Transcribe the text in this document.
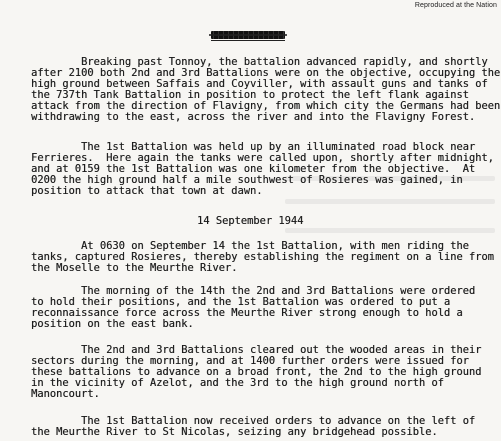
Reproduced at the Nation
Breaking past Tonnoy, the battalion advanced rapidly, and shortly
after 2100 both 2nd and 3rd Battalions were on the objective, occupying the
high ground between Saffais and Coyviller, with assault guns and tanks of
the 737th Tank Battalion in position to protect the left flank against
attack from the direction of Flavigny, from which city the Germans had been
withdrawing to the east, across the river and into the Flavigny Forest.
The 1st Battalion was held up by an illuminated road block near
Ferrieres.  Here again the tanks were called upon, shortly after midnight,
and at 0159 the 1st Battalion was one kilometer from the objective.  At
0200 the high ground half a mile southwest of Rosieres was gained, in
position to attack that town at dawn.
14 September 1944
At 0630 on September 14 the 1st Battalion, with men riding the
tanks, captured Rosieres, thereby establishing the regiment on a line from
the Moselle to the Meurthe River.
The morning of the 14th the 2nd and 3rd Battalions were ordered
to hold their positions, and the 1st Battalion was ordered to put a
reconnaissance force across the Meurthe River strong enough to hold a
position on the east bank.
The 2nd and 3rd Battalions cleared out the wooded areas in their
sectors during the morning, and at 1400 further orders were issued for
these battalions to advance on a broad front, the 2nd to the high ground
in the vicinity of Azelot, and the 3rd to the high ground north of
Manoncourt.
The 1st Battalion now received orders to advance on the left of
the Meurthe River to St Nicolas, seizing any bridgehead possible.
